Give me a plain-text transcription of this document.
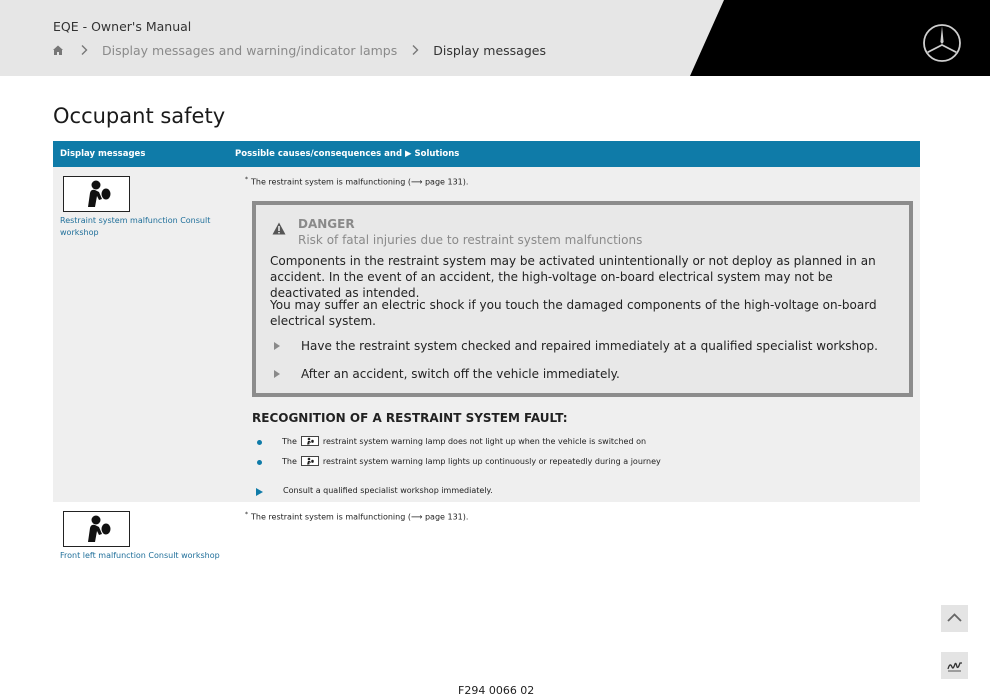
EQE - Owner's Manual
Display messages and warning/indicator lamps	Display messages
Occupant safety
Display messages	Possible causes/consequences and ▶ Solutions
Restraint system malfunction Consult workshop
* The restraint system is malfunctioning (⟶ page 131).
DANGER
Risk of fatal injuries due to restraint system malfunctions
Components in the restraint system may be activated unintentionally or not deploy as planned in an accident. In the event of an accident, the high-voltage on-board electrical system may not be deactivated as intended.
You may suffer an electric shock if you touch the damaged components of the high-voltage on-board electrical system.
Have the restraint system checked and repaired immediately at a qualified specialist workshop.
After an accident, switch off the vehicle immediately.
RECOGNITION OF A RESTRAINT SYSTEM FAULT:
The	restraint system warning lamp does not light up when the vehicle is switched on
The	restraint system warning lamp lights up continuously or repeatedly during a journey
Consult a qualified specialist workshop immediately.
Front left malfunction Consult workshop
* The restraint system is malfunctioning (⟶ page 131).
F294 0066 02
